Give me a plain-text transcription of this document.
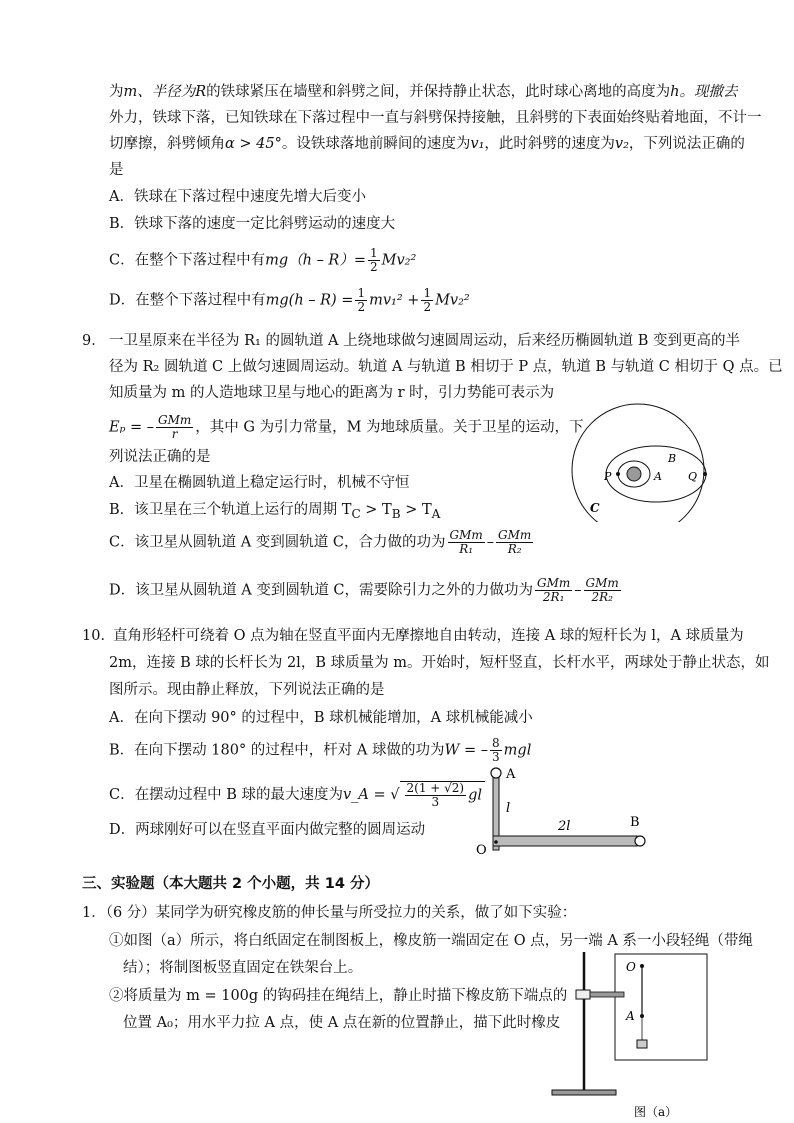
为m、半径为R的铁球紧压在墙壁和斜劈之间，并保持静止状态，此时球心离地的高度为h。现撤去
外力，铁球下落，已知铁球在下落过程中一直与斜劈保持接触，且斜劈的下表面始终贴着地面，不计一
切摩擦，斜劈倾角α > 45°。设铁球落地前瞬间的速度为v₁，此时斜劈的速度为v₂，下列说法正确的
是
A．铁球在下落过程中速度先增大后变小
B．铁球下落的速度一定比斜劈运动的速度大
C．在整个下落过程中有$mg(h - R)= \frac{1}{2} Mv_2^2$
D．在整个下落过程中有$mg(h - R) = \frac{1}{2} mv_1^2 + \frac{1}{2} Mv_2^2$
9． 一卫星原来在半径为 R₁ 的圆轨道 A 上绕地球做匀速圆周运动，后来经历椭圆轨道 B 变到更高的半
径为 R₂ 圆轨道 C 上做匀速圆周运动。轨道 A 与轨道 B 相切于 P 点，轨道 B 与轨道 C 相切于 Q 点。已
知质量为 m 的人造地球卫星与地心的距离为 r 时，引力势能可表示为
Eₚ = – $\frac{\text{GMm}}{r}$ ，其中 G 为引力常量，M 为地球质量。关于卫星的运动，下
列说法正确的是
A．卫星在椭圆轨道上稳定运行时，机械不守恒
B．该卫星在三个轨道上运行的周期 $T_C > T_B > T_A$
C．该卫星从圆轨道 A 变到圆轨道 C，合力做的功为 $\frac{\text{GMm}}{\text{R₁}} - \frac{\text{GMm}}{\text{R₂}}$
D．该卫星从圆轨道 A 变到圆轨道 C，需要除引力之外的力做功为 $\frac{\text{GMm}}{\text{2R₁}} - \frac{\text{GMm}}{\text{2R₂}}$
P	A
B
Q
C
10．
直角形轻杆可绕着 O 点为轴在竖直平面内无摩擦地自由转动，连接 A 球的短杆长为 l，A 球质量为
2m，连接 B 球的长杆长为 2l，B 球质量为 m。开始时，短杆竖直，长杆水平，两球处于静止状态，如
图所示。现由静止释放，下列说法正确的是
A．在向下摆动 90° 的过程中，B 球机械能增加，A 球机械能减小
B．在向下摆动 180° 的过程中，杆对 A 球做的功为W = – $\frac{8}{3}$ mgl
C．在摆动过程中 B 球的最大速度为v_A = √ $\frac{2(1 + √2)}{3}$ gl
D．两球刚好可以在竖直平面内做完整的圆周运动
A
l
2l	B
O
三、实验题（本大题共 2 个小题，共 14 分）
1．（6 分）某同学为研究橡皮筋的伸长量与所受拉力的关系，做了如下实验：
①如图（a）所示，将白纸固定在制图板上，橡皮筋一端固定在 O 点，另一端 A 系一小段轻绳（带绳
结）；将制图板竖直固定在铁架台上。
②将质量为 m = 100g 的钩码挂在绳结上，静止时描下橡皮筋下端点的
位置 A₀；用水平力拉 A 点，使 A 点在新的位置静止，描下此时橡皮
O
A
图（a）
